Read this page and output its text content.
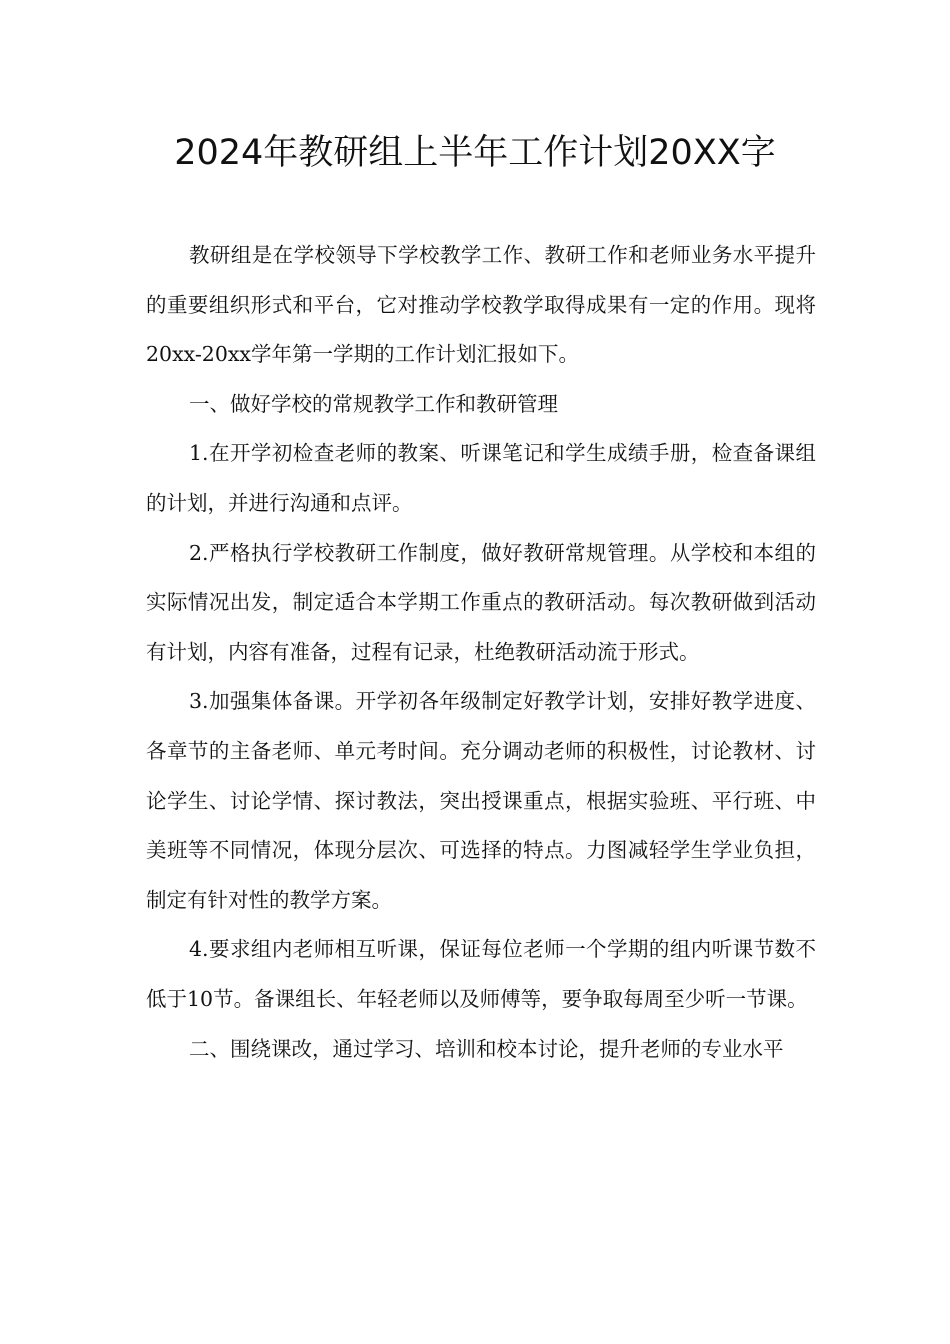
2024年教研组上半年工作计划20XX字

教研组是在学校领导下学校教学工作、教研工作和老师业务水平提升的重要组织形式和平台，它对推动学校教学取得成果有一定的作用。现将20xx-20xx学年第一学期的工作计划汇报如下。

一、做好学校的常规教学工作和教研管理

1.在开学初检查老师的教案、听课笔记和学生成绩手册，检查备课组的计划，并进行沟通和点评。

2.严格执行学校教研工作制度，做好教研常规管理。从学校和本组的实际情况出发，制定适合本学期工作重点的教研活动。每次教研做到活动有计划，内容有准备，过程有记录，杜绝教研活动流于形式。

3.加强集体备课。开学初各年级制定好教学计划，安排好教学进度、各章节的主备老师、单元考时间。充分调动老师的积极性，讨论教材、讨论学生、讨论学情、探讨教法，突出授课重点，根据实验班、平行班、中美班等不同情况，体现分层次、可选择的特点。力图减轻学生学业负担，制定有针对性的教学方案。

4.要求组内老师相互听课，保证每位老师一个学期的组内听课节数不低于10节。备课组长、年轻老师以及师傅等，要争取每周至少听一节课。

二、围绕课改，通过学习、培训和校本讨论，提升老师的专业水平
